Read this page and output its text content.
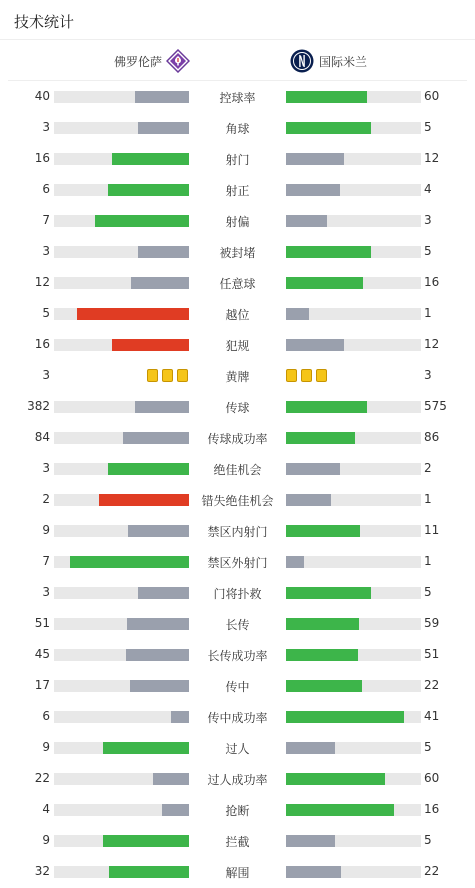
技术统计
佛罗伦萨	国际米兰
40	控球率	60
3	角球	5
16	射门	12
6	射正	4
7	射偏	3
3	被封堵	5
12	任意球	16
5	越位	1
16	犯规	12
3	黄牌	3
382	传球	575
84	传球成功率	86
3	绝佳机会	2
2	错失绝佳机会	1
9	禁区内射门	11
7	禁区外射门	1
3	门将扑救	5
51	长传	59
45	长传成功率	51
17	传中	22
6	传中成功率	41
9	过人	5
22	过人成功率	60
4	抢断	16
9	拦截	5
32	解围	22
